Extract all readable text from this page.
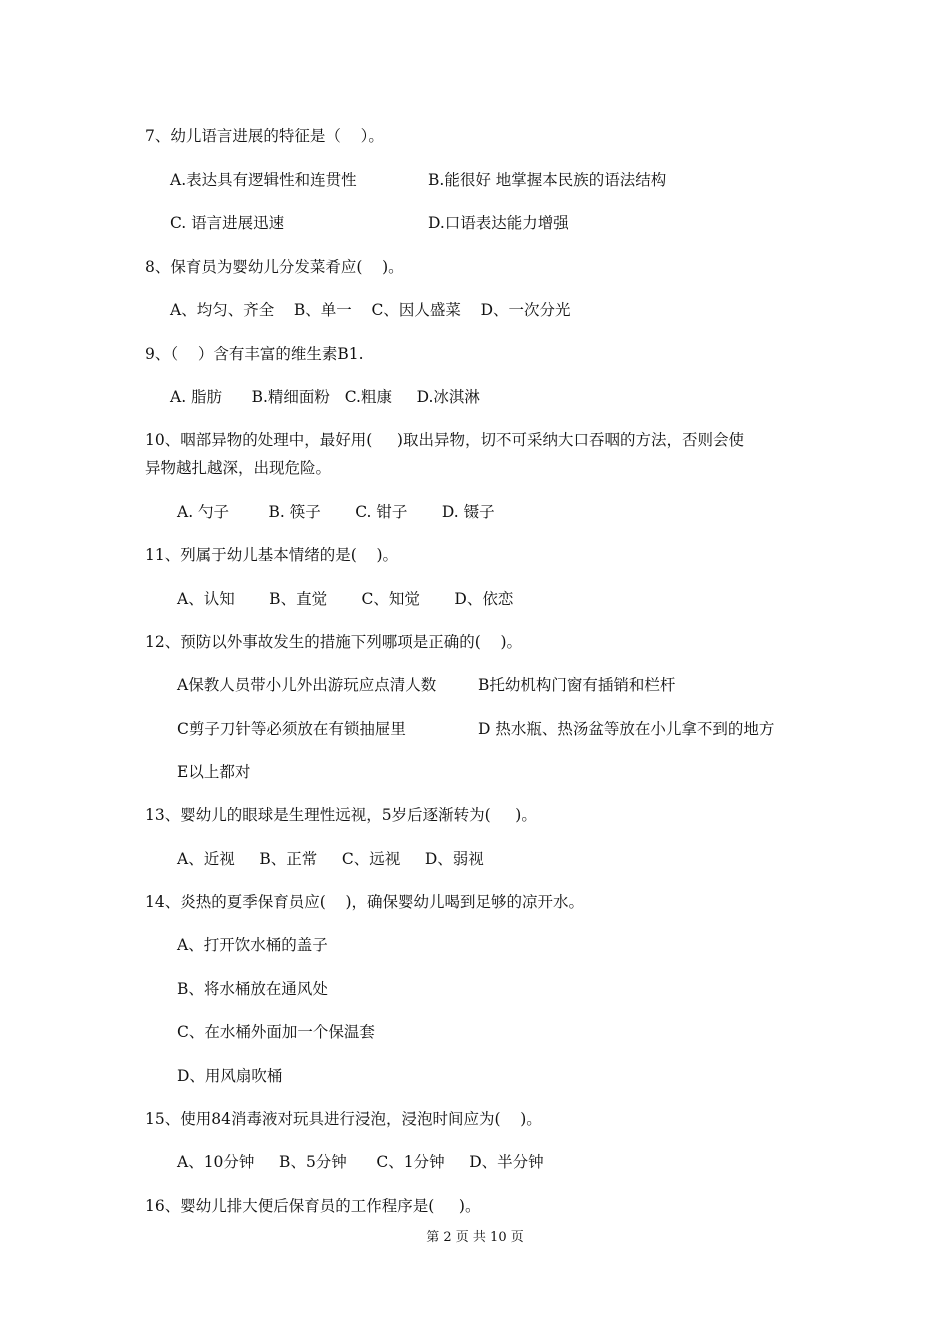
7、幼儿语言进展的特征是（    ）。
A.表达具有逻辑性和连贯性	B.能很好 地掌握本民族的语法结构
C. 语言进展迅速	D.口语表达能力增强
8、保育员为婴幼儿分发菜肴应(    )。
A、均匀、齐全    B、单一    C、因人盛菜    D、一次分光
9、（    ）含有丰富的维生素B1.
A. 脂肪      B.精细面粉   C.粗康     D.冰淇淋
10、咽部异物的处理中，最好用(     )取出异物，切不可采纳大口吞咽的方法，否则会使
异物越扎越深，出现危险。
A. 勺子        B. 筷子       C. 钳子       D. 镊子
11、列属于幼儿基本情绪的是(    )。
A、认知       B、直觉       C、知觉       D、依恋
12、预防以外事故发生的措施下列哪项是正确的(    )。
A保教人员带小儿外出游玩应点清人数	B托幼机构门窗有插销和栏杆
C剪子刀针等必须放在有锁抽屉里	D 热水瓶、热汤盆等放在小儿拿不到的地方
E以上都对
13、婴幼儿的眼球是生理性远视，5岁后逐渐转为(     )。
A、近视     B、正常     C、远视     D、弱视
14、炎热的夏季保育员应(    )，确保婴幼儿喝到足够的凉开水。
A、打开饮水桶的盖子
B、将水桶放在通风处
C、在水桶外面加一个保温套
D、用风扇吹桶
15、使用84消毒液对玩具进行浸泡，浸泡时间应为(    )。
A、10分钟     B、5分钟      C、1分钟     D、半分钟
16、婴幼儿排大便后保育员的工作程序是(     )。
第 2 页 共 10 页
